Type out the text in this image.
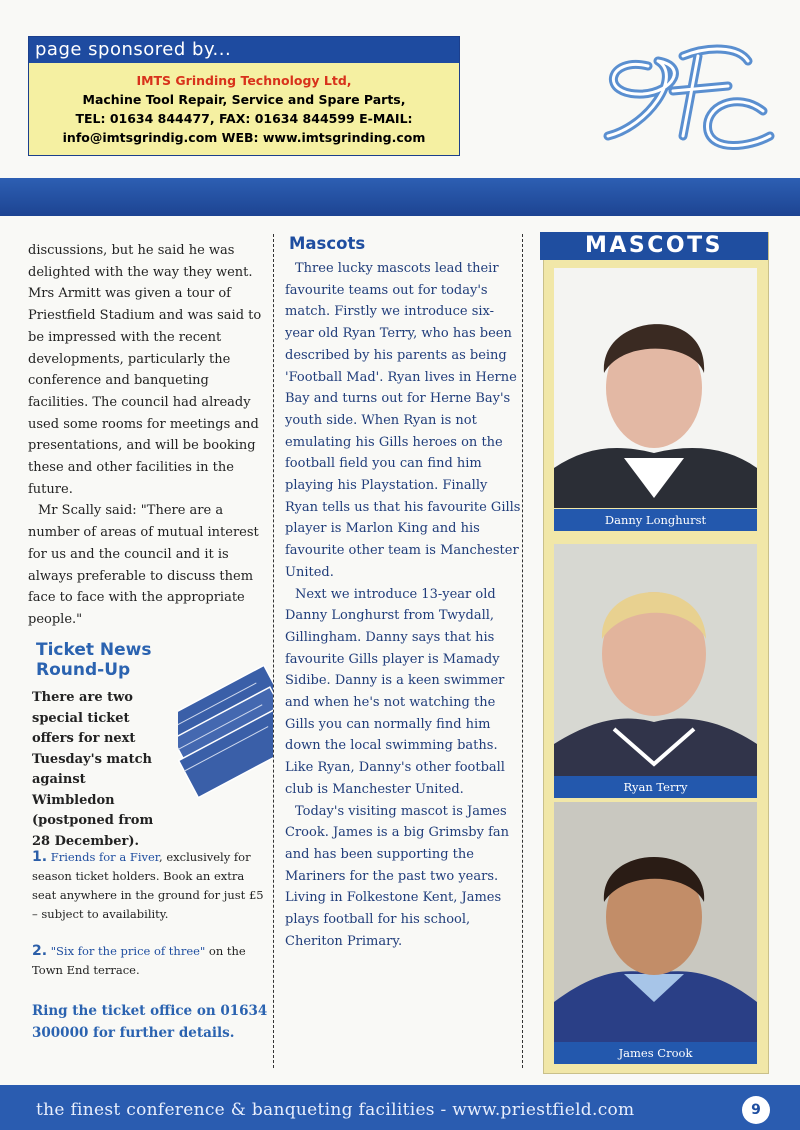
page sponsored by...
IMTS Grinding Technology Ltd,
Machine Tool Repair, Service and Spare Parts,
TEL: 01634 844477, FAX: 01634 844599 E-MAIL:
info@imtsgrindig.com WEB: www.imtsgrinding.com

discussions, but he said he was delighted with the way they went. Mrs Armitt was given a tour of Priestfield Stadium and was said to be impressed with the recent developments, particularly the conference and banqueting facilities. The council had already used some rooms for meetings and presentations, and will be booking these and other facilities in the future.

Mr Scally said: "There are a number of areas of mutual interest for us and the council and it is always preferable to discuss them face to face with the appropriate people."

Ticket News
Round-Up
There are two special ticket offers for next Tuesday's match against Wimbledon (postponed from 28 December).
1. Friends for a Fiver, exclusively for season ticket holders. Book an extra seat anywhere in the ground for just £5 – subject to availability.
2. "Six for the price of three" on the Town End terrace.
Ring the ticket office on 01634 300000 for further details.
Mascots

Three lucky mascots lead their favourite teams out for today's match. Firstly we introduce six-year old Ryan Terry, who has been described by his parents as being 'Football Mad'. Ryan lives in Herne Bay and turns out for Herne Bay's youth side. When Ryan is not emulating his Gills heroes on the football field you can find him playing his Playstation. Finally Ryan tells us that his favourite Gills player is Marlon King and his favourite other team is Manchester United.

Next we introduce 13-year old Danny Longhurst from Twydall, Gillingham. Danny says that his favourite Gills player is Mamady Sidibe. Danny is a keen swimmer and when he's not watching the Gills you can normally find him down the local swimming baths. Like Ryan, Danny's other football club is Manchester United.

Today's visiting mascot is James Crook. James is a big Grimsby fan and has been supporting the Mariners for the past two years. Living in Folkestone Kent, James plays football for his school, Cheriton Primary.

MASCOTS
Danny Longhurst
Ryan Terry
James Crook
the finest conference & banqueting facilities - www.priestfield.com	9
